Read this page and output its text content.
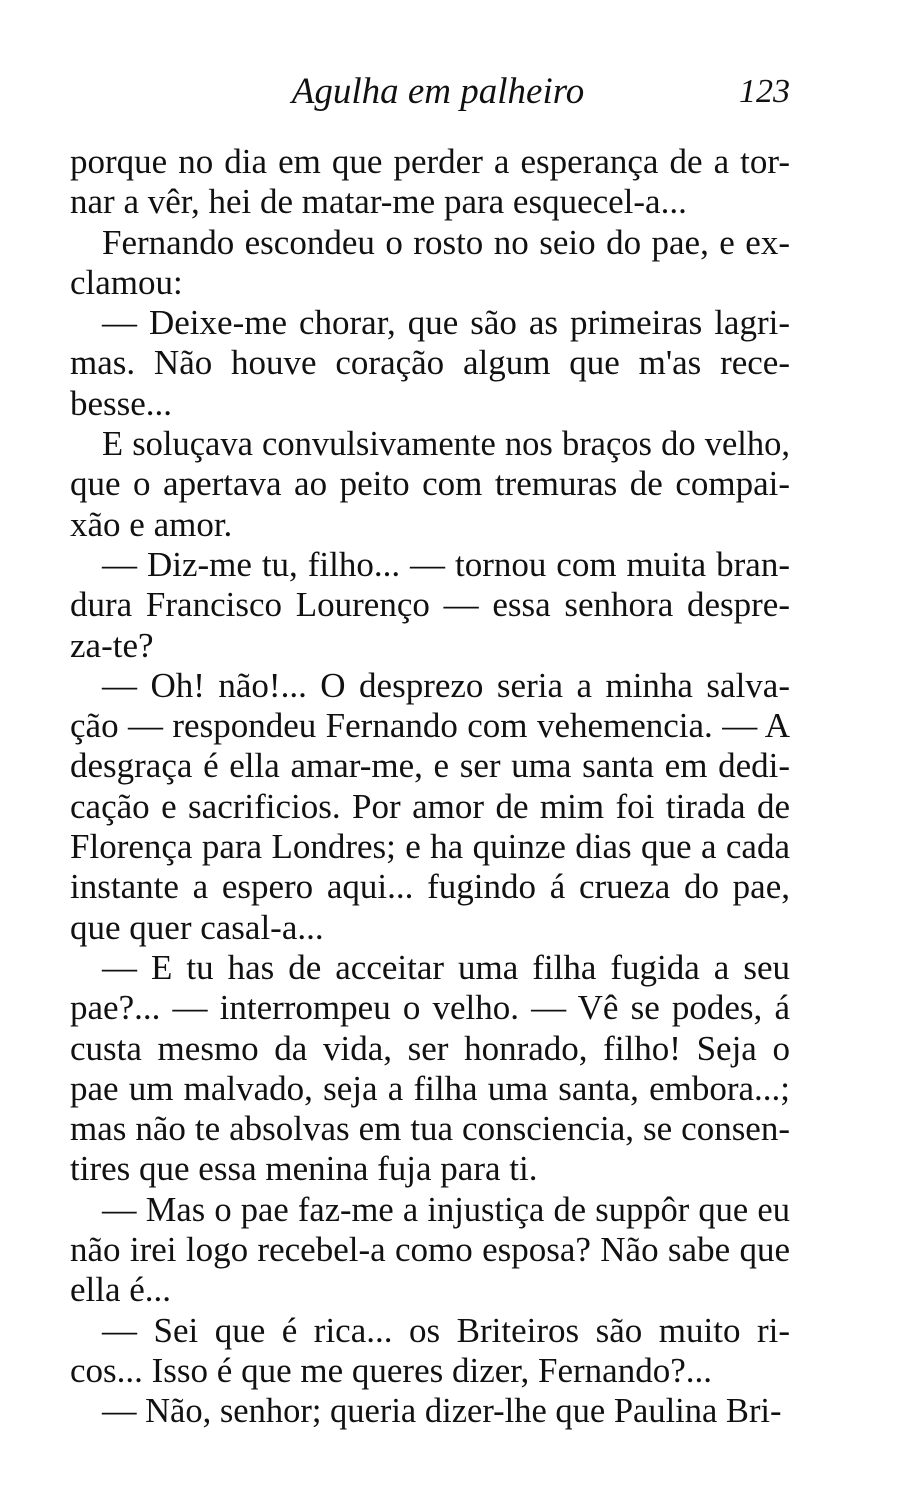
Agulha em palheiro	123
porque no dia em que perder a esperança de a tor-
nar a vêr, hei de matar-me para esquecel-a...
Fernando escondeu o rosto no seio do pae, e ex-
clamou:
— Deixe-me chorar, que são as primeiras lagri-
mas. Não houve coração algum que m'as rece-
besse...
E soluçava convulsivamente nos braços do velho,
que o apertava ao peito com tremuras de compai-
xão e amor.
— Diz-me tu, filho... — tornou com muita bran-
dura Francisco Lourenço — essa senhora despre-
za-te?
— Oh! não!... O desprezo seria a minha salva-
ção — respondeu Fernando com vehemencia. — A
desgraça é ella amar-me, e ser uma santa em dedi-
cação e sacrificios. Por amor de mim foi tirada de
Florença para Londres; e ha quinze dias que a cada
instante a espero aqui... fugindo á crueza do pae,
que quer casal-a...
— E tu has de acceitar uma filha fugida a seu
pae?... — interrompeu o velho. — Vê se podes, á
custa mesmo da vida, ser honrado, filho! Seja o
pae um malvado, seja a filha uma santa, embora...;
mas não te absolvas em tua consciencia, se consen-
tires que essa menina fuja para ti.
— Mas o pae faz-me a injustiça de suppôr que eu
não irei logo recebel-a como esposa? Não sabe que
ella é...
— Sei que é rica... os Briteiros são muito ri-
cos... Isso é que me queres dizer, Fernando?...
— Não, senhor; queria dizer-lhe que Paulina Bri-
